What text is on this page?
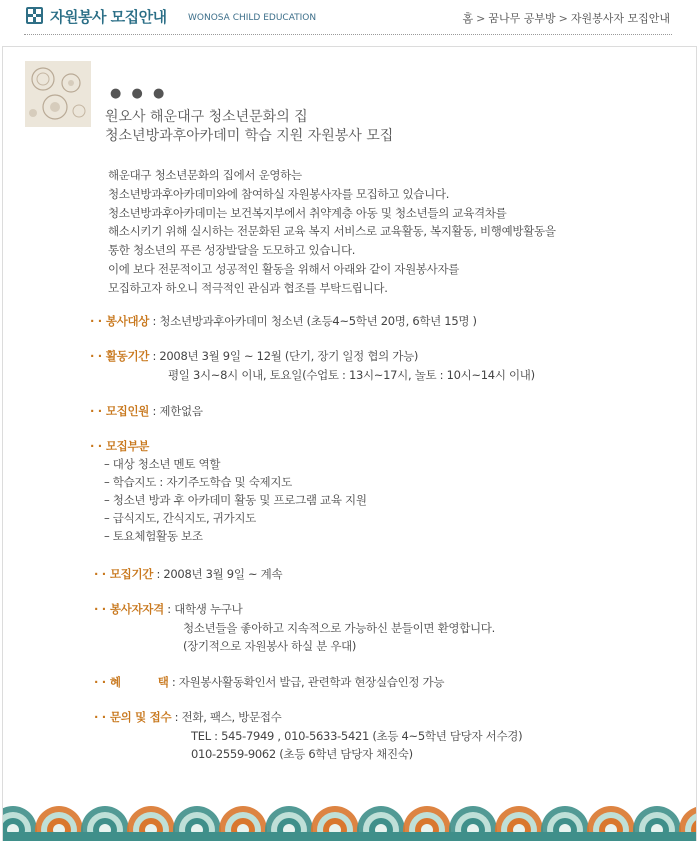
자원봉사 모집안내 WONOSA CHILD EDUCATION	홈 > 꿈나무 공부방 > 자원봉사자 모집안내
● ● ●
원오사 해운대구 청소년문화의 집
청소년방과후아카데미 학습 지원 자원봉사 모집
해운대구 청소년문화의 집에서 운영하는
청소년방과후아카데미와에 참여하실 자원봉사자를 모집하고 있습니다.
청소년방과후아카데미는 보건복지부에서 취약계층 아동 및 청소년들의 교육격차를
해소시키기 위해 실시하는 전문화된 교육 복지 서비스로 교육활동, 복지활동, 비행예방활동을
통한 청소년의 푸른 성장발달을 도모하고 있습니다.
이에 보다 전문적이고 성공적인 활동을 위해서 아래와 같이 자원봉사자를
모집하고자 하오니 적극적인 관심과 협조를 부탁드립니다.
· · 봉사대상 : 청소년방과후아카데미 청소년 (초등4~5학년 20명, 6학년 15명 )
· · 활동기간 : 2008년 3월 9일 ~ 12월 (단기, 장기 일정 협의 가능)
평일 3시~8시 이내, 토요일(수업토 : 13시~17시, 놀토 : 10시~14시 이내)
· · 모집인원 : 제한없음
· · 모집부분
– 대상 청소년 멘토 역할
– 학습지도 : 자기주도학습 및 숙제지도
– 청소년 방과 후 아카데미 활동 및 프로그램 교육 지원
– 급식지도, 간식지도, 귀가지도
– 토요체험활동 보조
· · 모집기간 : 2008년 3월 9일 ~ 계속
· · 봉사자자격 : 대학생 누구나
청소년들을 좋아하고 지속적으로 가능하신 분들이면 환영합니다.
(장기적으로 자원봉사 하실 분 우대)
· · 혜          택 : 자원봉사활동확인서 발급, 관련학과 현장실습인정 가능
· · 문의 및 접수 : 전화, 팩스, 방문접수
TEL : 545-7949 , 010-5633-5421 (초등 4~5학년 담당자 서수경)
010-2559-9062 (초등 6학년 담당자 채진숙)
